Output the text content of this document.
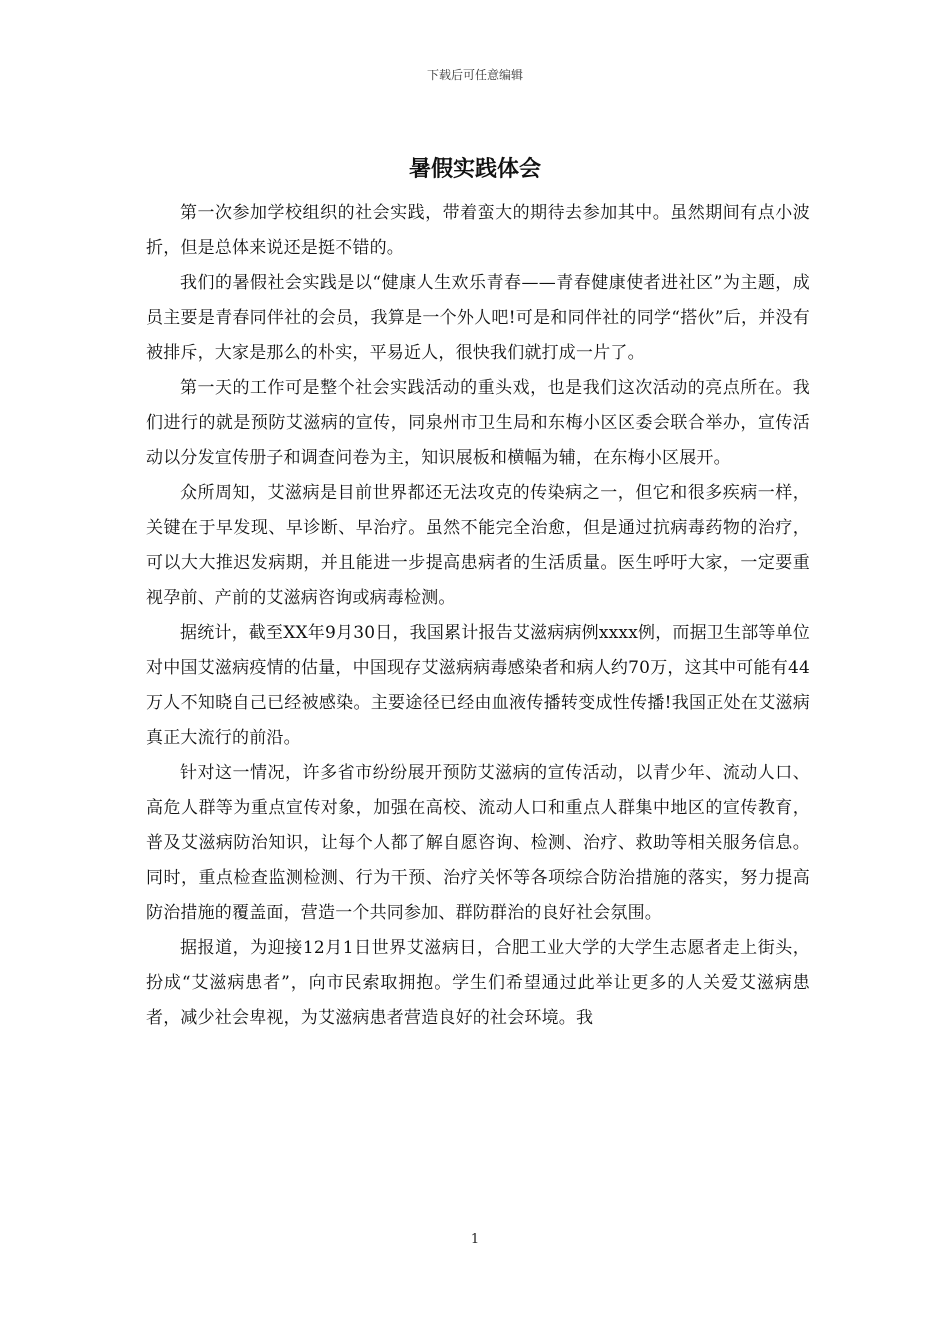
下载后可任意编辑
暑假实践体会

第一次参加学校组织的社会实践，带着蛮大的期待去参加其中。虽然期间有点小波折，但是总体来说还是挺不错的。

我们的暑假社会实践是以“健康人生欢乐青春——青春健康使者进社区”为主题，成员主要是青春同伴社的会员，我算是一个外人吧!可是和同伴社的同学“搭伙”后，并没有被排斥，大家是那么的朴实，平易近人，很快我们就打成一片了。

第一天的工作可是整个社会实践活动的重头戏，也是我们这次活动的亮点所在。我们进行的就是预防艾滋病的宣传，同泉州市卫生局和东梅小区区委会联合举办，宣传活动以分发宣传册子和调查问卷为主，知识展板和横幅为辅，在东梅小区展开。

众所周知，艾滋病是目前世界都还无法攻克的传染病之一，但它和很多疾病一样，关键在于早发现、早诊断、早治疗。虽然不能完全治愈，但是通过抗病毒药物的治疗，可以大大推迟发病期，并且能进一步提高患病者的生活质量。医生呼吁大家，一定要重视孕前、产前的艾滋病咨询或病毒检测。

据统计，截至XX年9月30日，我国累计报告艾滋病病例xxxx例，而据卫生部等单位对中国艾滋病疫情的估量，中国现存艾滋病病毒感染者和病人约70万，这其中可能有44万人不知晓自己已经被感染。主要途径已经由血液传播转变成性传播!我国正处在艾滋病真正大流行的前沿。

针对这一情况，许多省市纷纷展开预防艾滋病的宣传活动，以青少年、流动人口、高危人群等为重点宣传对象，加强在高校、流动人口和重点人群集中地区的宣传教育，普及艾滋病防治知识，让每个人都了解自愿咨询、检测、治疗、救助等相关服务信息。同时，重点检查监测检测、行为干预、治疗关怀等各项综合防治措施的落实，努力提高防治措施的覆盖面，营造一个共同参加、群防群治的良好社会氛围。

据报道，为迎接12月1日世界艾滋病日，合肥工业大学的大学生志愿者走上街头，扮成“艾滋病患者”，向市民索取拥抱。学生们希望通过此举让更多的人关爱艾滋病患者，减少社会卑视，为艾滋病患者营造良好的社会环境。我

1
